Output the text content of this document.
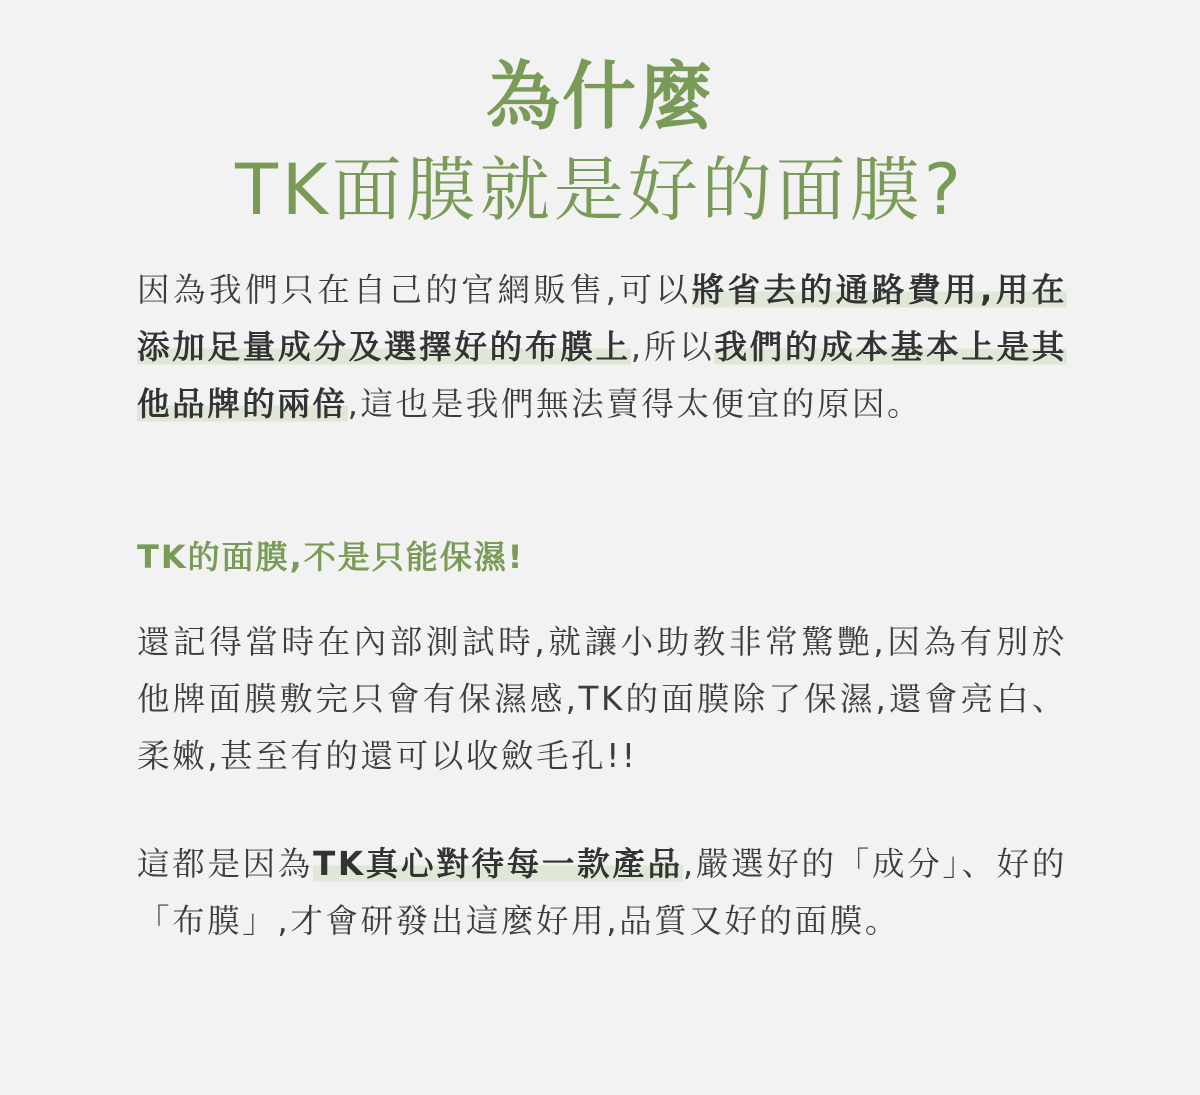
為什麼
TK面膜就是好的面膜?

因為我們只在自己的官網販售,可以將省去的通路費用,用在添加足量成分及選擇好的布膜上,所以我們的成本基本上是其他品牌的兩倍,這也是我們無法賣得太便宜的原因。

TK的面膜,不是只能保濕!

還記得當時在內部測試時,就讓小助教非常驚艷,因為有別於他牌面膜敷完只會有保濕感,TK的面膜除了保濕,還會亮白、柔嫩,甚至有的還可以收斂毛孔!!

這都是因為TK真心對待每一款產品,嚴選好的「成分」、好的「布膜」,才會研發出這麼好用,品質又好的面膜。
